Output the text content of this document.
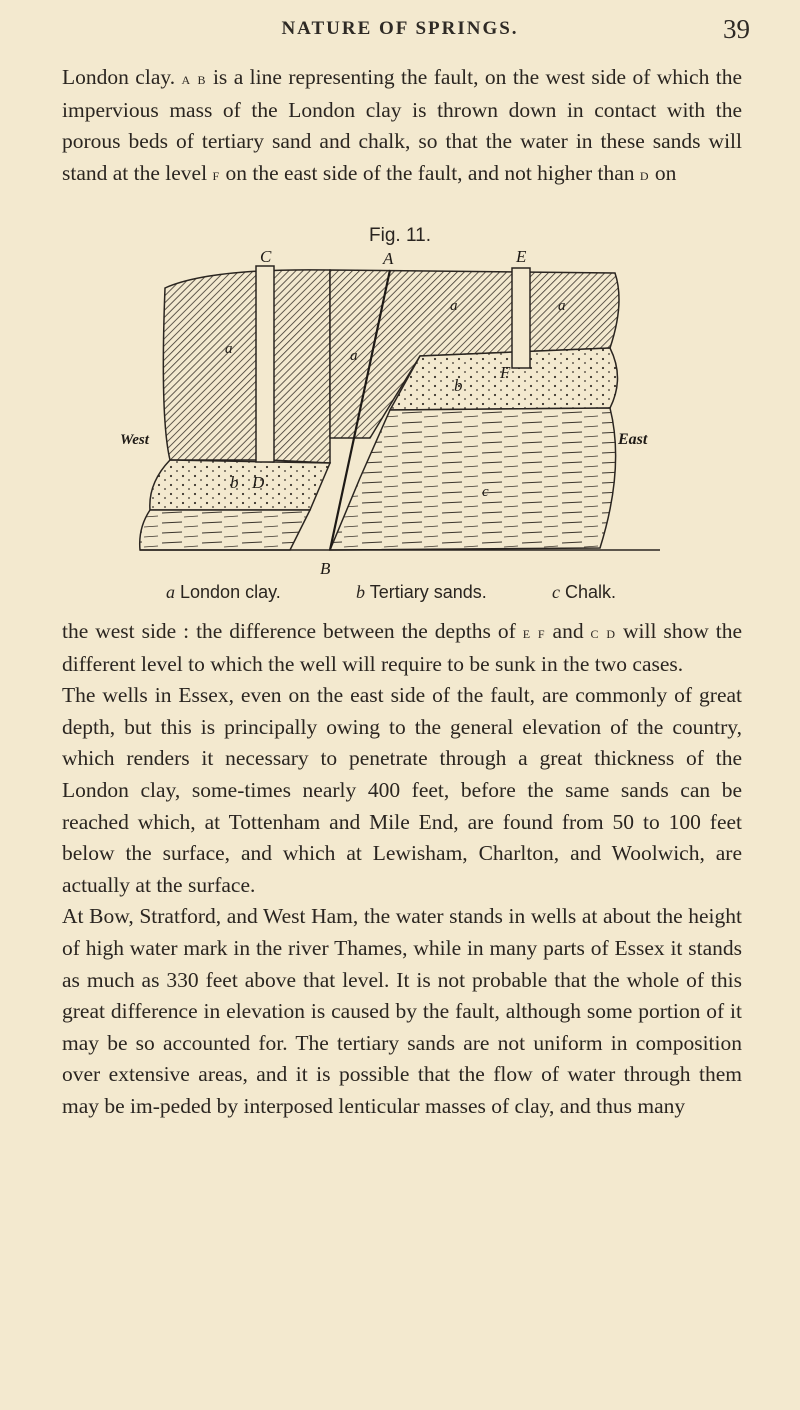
NATURE OF SPRINGS.	39
London clay. a b is a line representing the fault, on the west side of which the impervious mass of the London clay is thrown down in contact with the porous beds of tertiary sand and chalk, so that the water in these sands will stand at the level f on the east side of the fault, and not higher than d on
Fig. 11.
C	A	E
B
West	East
a	a
a	a
b D
b
F
c
a London clay.	b Tertiary sands.	c Chalk.
the west side : the difference between the depths of e f and c d will show the different level to which the well will require to be sunk in the two cases.
The wells in Essex, even on the east side of the fault, are commonly of great depth, but this is principally owing to the general elevation of the country, which renders it necessary to penetrate through a great thickness of the London clay, some-times nearly 400 feet, before the same sands can be reached which, at Tottenham and Mile End, are found from 50 to 100 feet below the surface, and which at Lewisham, Charlton, and Woolwich, are actually at the surface.
At Bow, Stratford, and West Ham, the water stands in wells at about the height of high water mark in the river Thames, while in many parts of Essex it stands as much as 330 feet above that level. It is not probable that the whole of this great difference in elevation is caused by the fault, although some portion of it may be so accounted for. The tertiary sands are not uniform in composition over extensive areas, and it is possible that the flow of water through them may be im-peded by interposed lenticular masses of clay, and thus many
